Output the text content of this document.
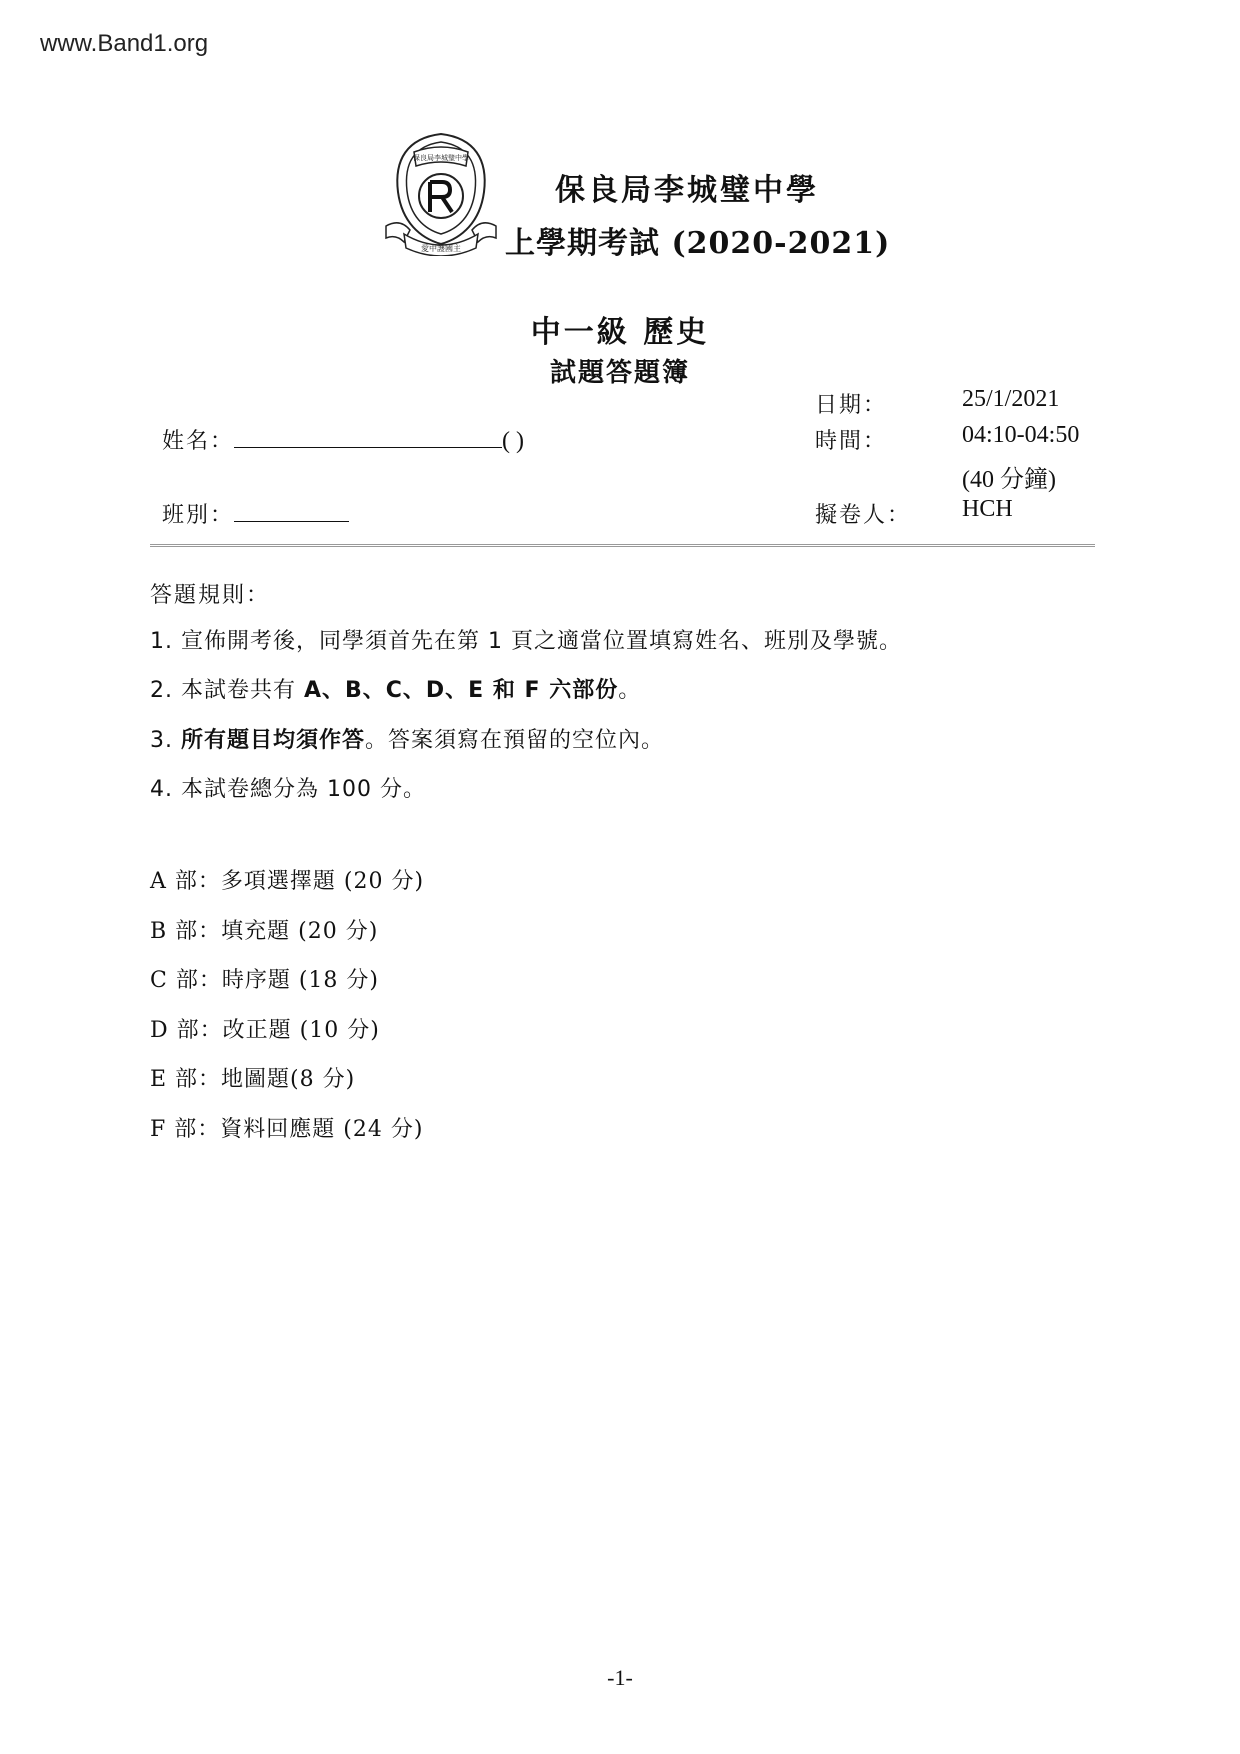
www.Band1.org
愛中護國主
保良局李城璧中學
保良局李城璧中學
上學期考試 (2020-2021)
中一級 歷史
試題答題簿
姓名：	( )
班別：
日期：	25/1/2021
時間：	04:10-04:50
(40 分鐘)
擬卷人： HCH
答題規則：
1. 宣佈開考後，同學須首先在第 1 頁之適當位置填寫姓名、班別及學號。
2. 本試卷共有 A、B、C、D、E 和 F 六部份。
3. 所有題目均須作答。答案須寫在預留的空位內。
4. 本試卷總分為 100 分。
A 部：多項選擇題 (20 分)
B 部：填充題 (20 分)
C 部：時序題 (18 分)
D 部：改正題 (10 分)
E 部：地圖題(8 分)
F 部：資料回應題 (24 分)
-1-
